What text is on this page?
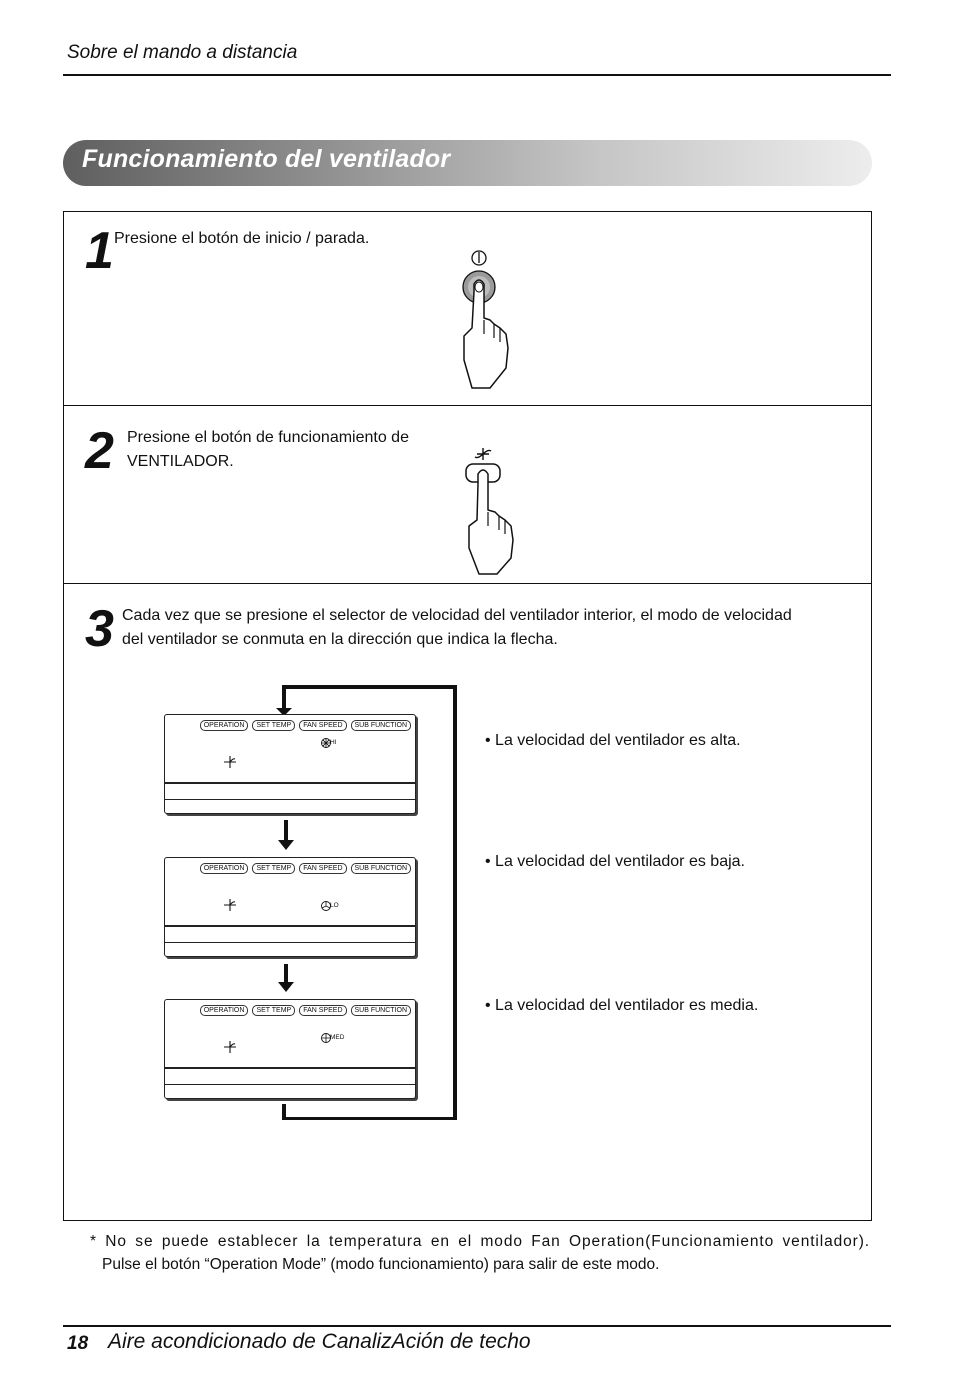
Sobre el mando a distancia
Funcionamiento del ventilador
1 Presione el botón de inicio / parada.
2 Presione el botón de funcionamiento de
VENTILADOR.
3 Cada vez que se presione el selector de velocidad del ventilador interior, el modo de velocidad
del ventilador se conmuta en la dirección que indica la flecha.
OPERATION	SET TEMP	FAN SPEED	SUB FUNCTION
HI	• La velocidad del ventilador es alta.
OPERATION	SET TEMP	FAN SPEED	SUB FUNCTION
LO
• La velocidad del ventilador es baja.
OPERATION	SET TEMP	FAN SPEED	SUB FUNCTION
MED
• La velocidad del ventilador es media.
* No se puede establecer la temperatura en el modo Fan Operation(Funcionamiento ventilador).
Pulse el botón “Operation Mode” (modo funcionamiento) para salir de este modo.
18 Aire acondicionado de CanalizAción de techo
